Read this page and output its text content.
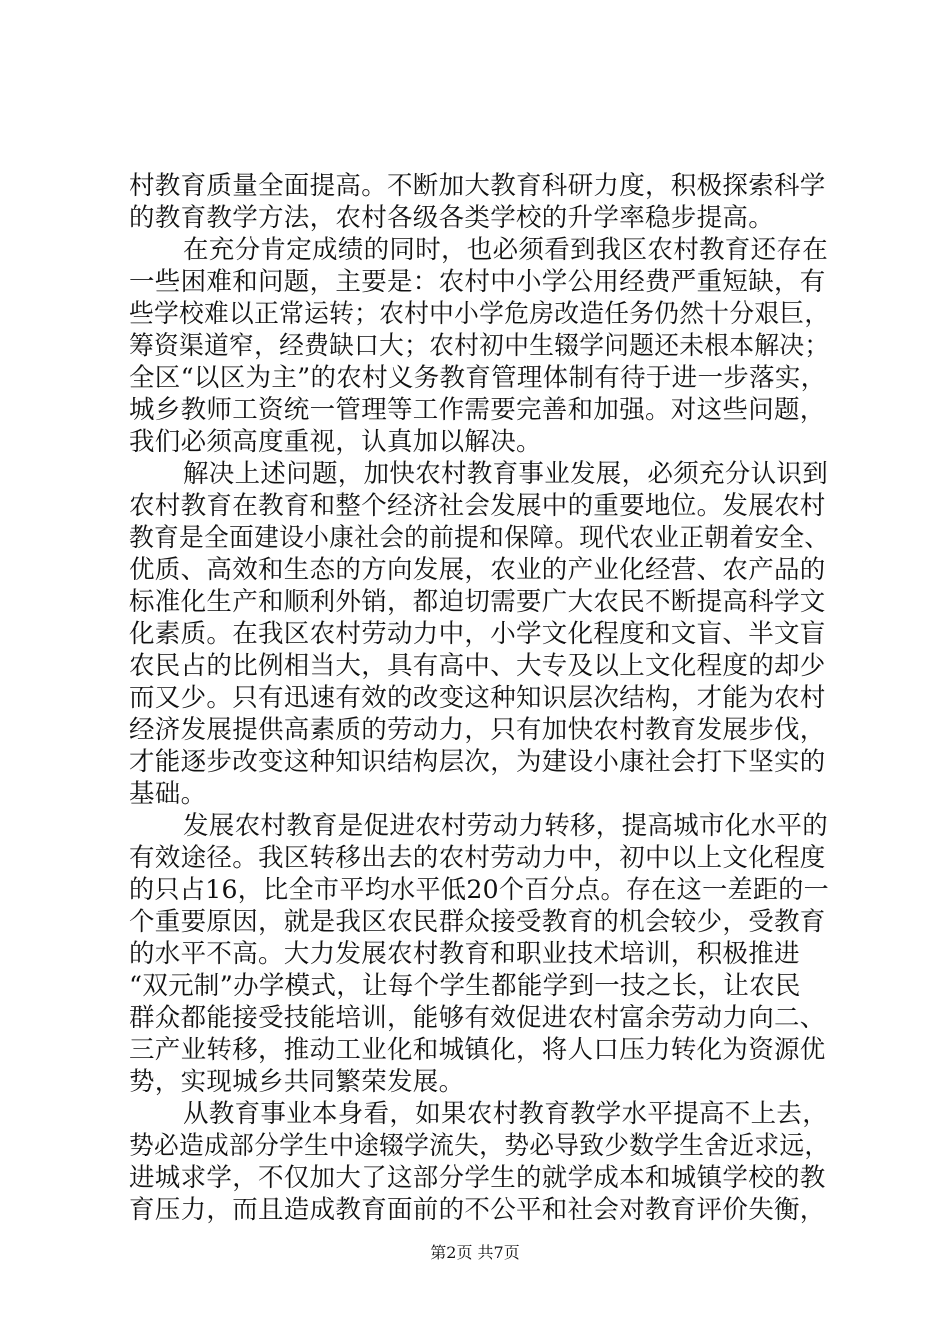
村教育质量全面提高。不断加大教育科研力度，积极探索科学
的教育教学方法，农村各级各类学校的升学率稳步提高。
在充分肯定成绩的同时，也必须看到我区农村教育还存在
一些困难和问题，主要是：农村中小学公用经费严重短缺，有
些学校难以正常运转；农村中小学危房改造任务仍然十分艰巨，
筹资渠道窄，经费缺口大；农村初中生辍学问题还未根本解决；
全区“以区为主”的农村义务教育管理体制有待于进一步落实，
城乡教师工资统一管理等工作需要完善和加强。对这些问题，
我们必须高度重视，认真加以解决。
解决上述问题，加快农村教育事业发展，必须充分认识到
农村教育在教育和整个经济社会发展中的重要地位。发展农村
教育是全面建设小康社会的前提和保障。现代农业正朝着安全、
优质、高效和生态的方向发展，农业的产业化经营、农产品的
标准化生产和顺利外销，都迫切需要广大农民不断提高科学文
化素质。在我区农村劳动力中，小学文化程度和文盲、半文盲
农民占的比例相当大，具有高中、大专及以上文化程度的却少
而又少。只有迅速有效的改变这种知识层次结构，才能为农村
经济发展提供高素质的劳动力，只有加快农村教育发展步伐，
才能逐步改变这种知识结构层次，为建设小康社会打下坚实的
基础。
发展农村教育是促进农村劳动力转移，提高城市化水平的
有效途径。我区转移出去的农村劳动力中，初中以上文化程度
的只占16，比全市平均水平低20个百分点。存在这一差距的一
个重要原因，就是我区农民群众接受教育的机会较少，受教育
的水平不高。大力发展农村教育和职业技术培训，积极推进
“双元制”办学模式，让每个学生都能学到一技之长，让农民
群众都能接受技能培训，能够有效促进农村富余劳动力向二、
三产业转移，推动工业化和城镇化，将人口压力转化为资源优
势，实现城乡共同繁荣发展。
从教育事业本身看，如果农村教育教学水平提高不上去，
势必造成部分学生中途辍学流失，势必导致少数学生舍近求远，
进城求学，不仅加大了这部分学生的就学成本和城镇学校的教
育压力，而且造成教育面前的不公平和社会对教育评价失衡，
第2页 共7页
